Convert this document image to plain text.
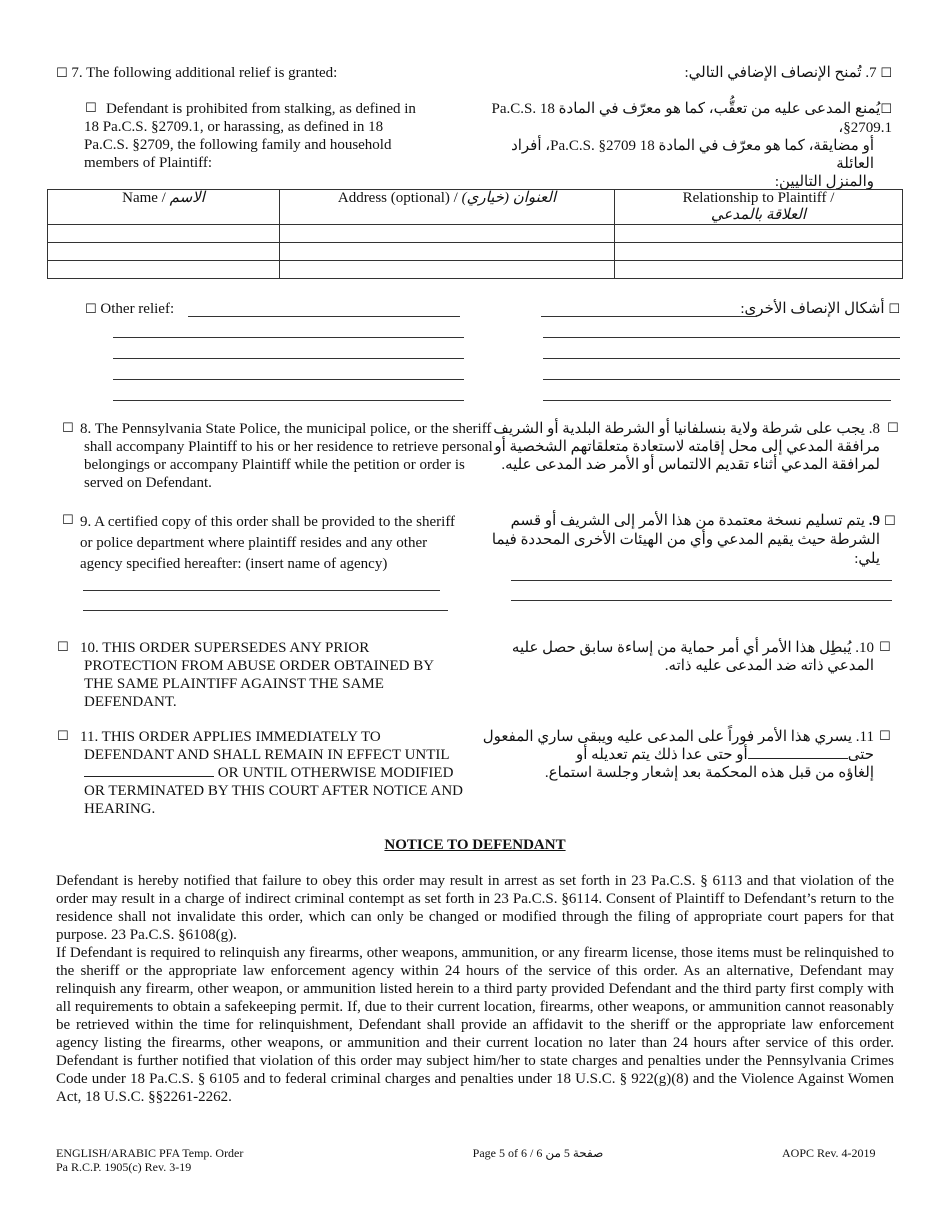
☐ 7. The following additional relief is granted:	☐ 7. تُمنح الإنصاف الإضافي التالي:
☐ Defendant is prohibited from stalking, as defined in 18 Pa.C.S. §2709.1, or harassing, as defined in 18 Pa.C.S. §2709, the following family and household members of Plaintiff:
☐يُمنع المدعى عليه من تعقُّب، كما هو معرّف في المادة 18 Pa.C.S. §2709.1،
أو مضايقة، كما هو معرّف في المادة 18 Pa.C.S. §2709، أفراد العائلة
والمنزل التاليين:
Name / الاسم	Address (optional) / العنوان (خياري)	Relationship to Plaintiff /
العلاقة بالمدعي

☐ Other relief:	☐ أشكال الإنصاف الأخرى:
☐ 8. The Pennsylvania State Police, the municipal police, or the sheriff shall accompany Plaintiff to his or her residence to retrieve personal belongings or accompany Plaintiff while the petition or order is served on Defendant.
☐
8. يجب على شرطة ولاية بنسلفانيا أو الشرطة البلدية أو الشريف مرافقة المدعي إلى محل إقامته لاستعادة متعلقاتهم الشخصية أو لمرافقة المدعي أثناء تقديم الالتماس أو الأمر ضد المدعى عليه.
☐ 9. A certified copy of this order shall be provided to the sheriff or police department where plaintiff resides and any other agency specified hereafter: (insert name of agency)
☐
9. يتم تسليم نسخة معتمدة من هذا الأمر إلى الشريف أو قسم الشرطة حيث يقيم المدعي وأي من الهيئات الأخرى المحددة فيما يلي:
☐ 10. THIS ORDER SUPERSEDES ANY PRIOR PROTECTION FROM ABUSE ORDER OBTAINED BY THE SAME PLAINTIFF AGAINST THE SAME DEFENDANT.
☐
10. يُبطِل هذا الأمر أي أمر حماية من إساءة سابق حصل عليه المدعي ذاته ضد المدعى عليه ذاته.
☐ 11. THIS ORDER APPLIES IMMEDIATELY TO DEFENDANT AND SHALL REMAIN IN EFFECT UNTIL  OR UNTIL OTHERWISE MODIFIED OR TERMINATED BY THIS COURT AFTER NOTICE AND HEARING.
☐
11. يسري هذا الأمر فوراً على المدعى عليه ويبقى ساري المفعول
حتىأو حتى عدا ذلك يتم تعديله أو
إلغاؤه من قبل هذه المحكمة بعد إشعار وجلسة استماع.
NOTICE TO DEFENDANT
Defendant is hereby notified that failure to obey this order may result in arrest as set forth in 23 Pa.C.S. § 6113 and that violation of the order may result in a charge of indirect criminal contempt as set forth in 23 Pa.C.S. §6114. Consent of Plaintiff to Defendant’s return to the residence shall not invalidate this order, which can only be changed or modified through the filing of appropriate court papers for that purpose. 23 Pa.C.S. §6108(g).
If Defendant is required to relinquish any firearms, other weapons, ammunition, or any firearm license, those items must be relinquished to the sheriff or the appropriate law enforcement agency within 24 hours of the service of this order. As an alternative, Defendant may relinquish any firearm, other weapon, or ammunition listed herein to a third party provided Defendant and the third party first comply with all requirements to obtain a safekeeping permit. If, due to their current location, firearms, other weapons, or ammunition cannot reasonably be retrieved within the time for relinquishment, Defendant shall provide an affidavit to the sheriff or the appropriate law enforcement agency listing the firearms, other weapons, or ammunition and their current location no later than 24 hours after service of this order. Defendant is further notified that violation of this order may subject him/her to state charges and penalties under the Pennsylvania Crimes Code under 18 Pa.C.S. § 6105 and to federal criminal charges and penalties under 18 U.S.C. § 922(g)(8) and the Violence Against Women Act, 18 U.S.C. §§2261-2262.
ENGLISH/ARABIC PFA Temp. Order
Pa R.C.P. 1905(c) Rev. 3-19
Page 5 of 6 / 6 صفحة 5 من	AOPC Rev. 4-2019
